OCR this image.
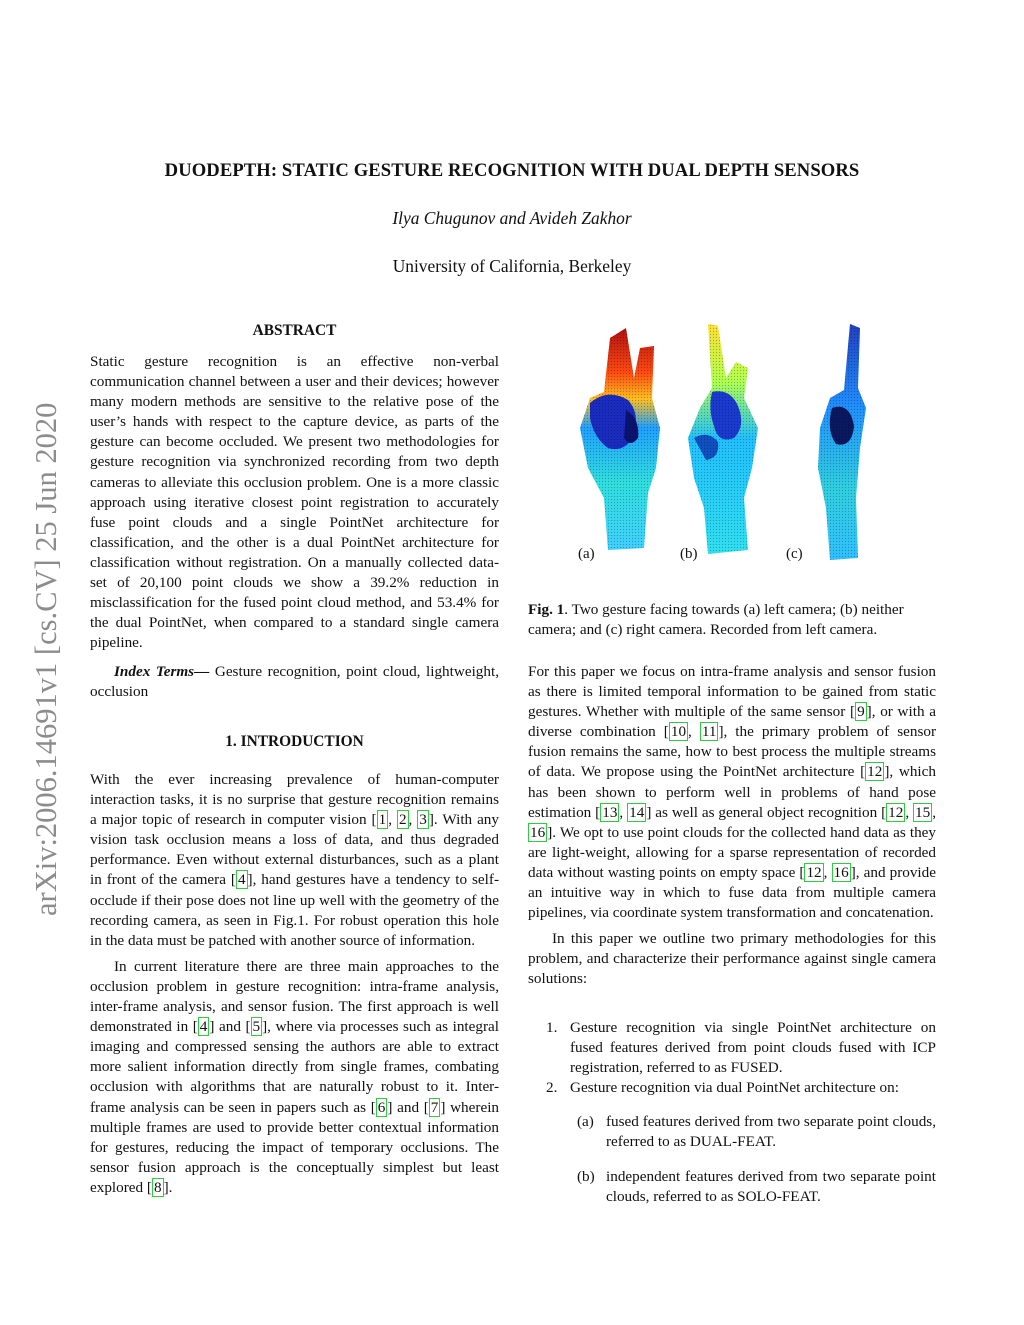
arXiv:2006.14691v1 [cs.CV] 25 Jun 2020
DUODEPTH: STATIC GESTURE RECOGNITION WITH DUAL DEPTH SENSORS
Ilya Chugunov and Avideh Zakhor
University of California, Berkeley
ABSTRACT

Static gesture recognition is an effective non-verbal communication channel between a user and their devices; however many modern methods are sensitive to the relative pose of the user’s hands with respect to the capture device, as parts of the gesture can become occluded. We present two methodologies for gesture recognition via synchronized recording from two depth cameras to alleviate this occlusion problem. One is a more classic approach using iterative closest point registration to accurately fuse point clouds and a single PointNet architecture for classification, and the other is a dual PointNet architecture for classification without registration. On a manually collected data-set of 20,100 point clouds we show a 39.2% reduction in misclassification for the fused point cloud method, and 53.4% for the dual PointNet, when compared to a standard single camera pipeline.

Index Terms— Gesture recognition, point cloud, lightweight, occlusion

1. INTRODUCTION

With the ever increasing prevalence of human-computer interaction tasks, it is no surprise that gesture recognition remains a major topic of research in computer vision [ 1 , 2 , 3 ]. With any vision task occlusion means a loss of data, and thus degraded performance. Even without external disturbances, such as a plant in front of the camera [ 4 ], hand gestures have a tendency to self-occlude if their pose does not line up well with the geometry of the recording camera, as seen in Fig.1. For robust operation this hole in the data must be patched with another source of information.

In current literature there are three main approaches to the occlusion problem in gesture recognition: intra-frame analysis, inter-frame analysis, and sensor fusion. The first approach is well demonstrated in [ 4 ] and [ 5 ], where via processes such as integral imaging and compressed sensing the authors are able to extract more salient information directly from single frames, combating occlusion with algorithms that are naturally robust to it. Inter-frame analysis can be seen in papers such as [ 6 ] and [ 7 ] wherein multiple frames are used to provide better contextual information for gestures, reducing the impact of temporary occlusions. The sensor fusion approach is the conceptually simplest but least explored [ 8 ].

(a)	(b)	(c)

Fig. 1. Two gesture facing towards (a) left camera; (b) neither camera; and (c) right camera. Recorded from left camera.

For this paper we focus on intra-frame analysis and sensor fusion as there is limited temporal information to be gained from static gestures. Whether with multiple of the same sensor [ 9 ], or with a diverse combination [ 10 , 11 ], the primary problem of sensor fusion remains the same, how to best process the multiple streams of data. We propose using the PointNet architecture [ 12 ], which has been shown to perform well in problems of hand pose estimation [ 13 , 14 ] as well as general object recognition [ 12 , 15 , 16 ]. We opt to use point clouds for the collected hand data as they are light-weight, allowing for a sparse representation of recorded data without wasting points on empty space [ 12 , 16 ], and provide an intuitive way in which to fuse data from multiple camera pipelines, via coordinate system transformation and concatenation.

In this paper we outline two primary methodologies for this problem, and characterize their performance against single camera solutions:

1. Gesture recognition via single PointNet architecture on fused features derived from point clouds fused with ICP registration, referred to as FUSED.
2. Gesture recognition via dual PointNet architecture on:
(a) fused features derived from two separate point clouds, referred to as DUAL-FEAT.
(b) independent features derived from two separate point clouds, referred to as SOLO-FEAT.
